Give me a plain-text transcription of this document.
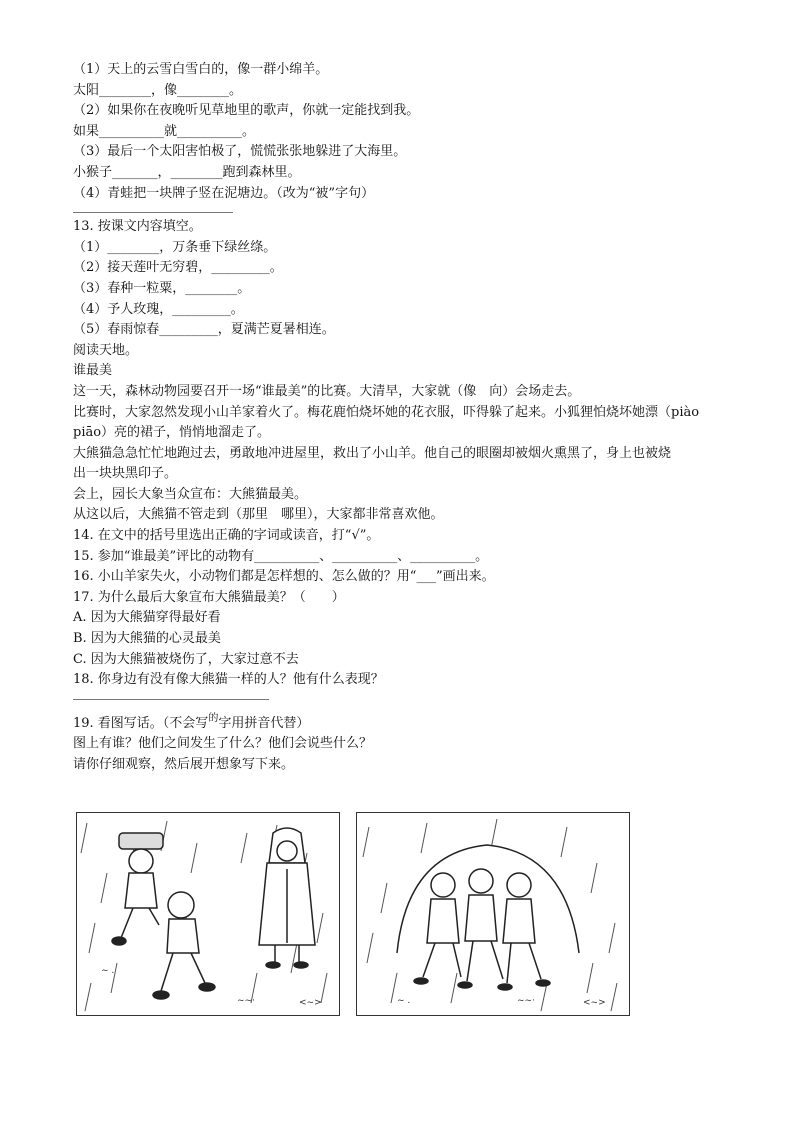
（1）天上的云雪白雪白的，像一群小绵羊。
太阳________，像________。
（2）如果你在夜晚听见草地里的歌声，你就一定能找到我。
如果__________就__________。
（3）最后一个太阳害怕极了，慌慌张张地躲进了大海里。
小猴子_______，________跑到森林里。
（4）青蛙把一块牌子竖在泥塘边。（改为“被”字句）
13. 按课文内容填空。
（1）________，万条垂下绿丝绦。
（2）接天莲叶无穷碧，_________。
（3）春种一粒粟，________。
（4）予人玫瑰，_________。
（5）春雨惊春_________，夏满芒夏暑相连。
阅读天地。
谁最美
这一天，森林动物园要召开一场“谁最美”的比赛。大清早，大家就（像　向）会场走去。
比赛时，大家忽然发现小山羊家着火了。梅花鹿怕烧坏她的花衣服，吓得躲了起来。小狐狸怕烧坏她漂（piào
piāo）亮的裙子，悄悄地溜走了。
大熊猫急急忙忙地跑过去，勇敢地冲进屋里，救出了小山羊。他自己的眼圈却被烟火熏黑了，身上也被烧
出一块块黑印子。
会上，园长大象当众宣布：大熊猫最美。
从这以后，大熊猫不管走到（那里　哪里），大家都非常喜欢他。
14. 在文中的括号里选出正确的字词或读音，打“√”。
15. 参加“谁最美”评比的动物有__________、__________、__________。
16. 小山羊家失火，小动物们都是怎样想的、怎么做的？用“___”画出来。
17. 为什么最后大象宣布大熊猫最美？（　　）
A. 因为大熊猫穿得最好看
B. 因为大熊猫的心灵最美
C. 因为大熊猫被烧伤了，大家过意不去
18. 你身边有没有像大熊猫一样的人？他有什么表现？
19. 看图写话。（不会写$^的$字用拼音代替）
图上有谁？他们之间发生了什么？他们会说些什么？
请你仔细观察，然后展开想象写下来。
~ .
~~·	<~>	~ .	~~·	<~>
